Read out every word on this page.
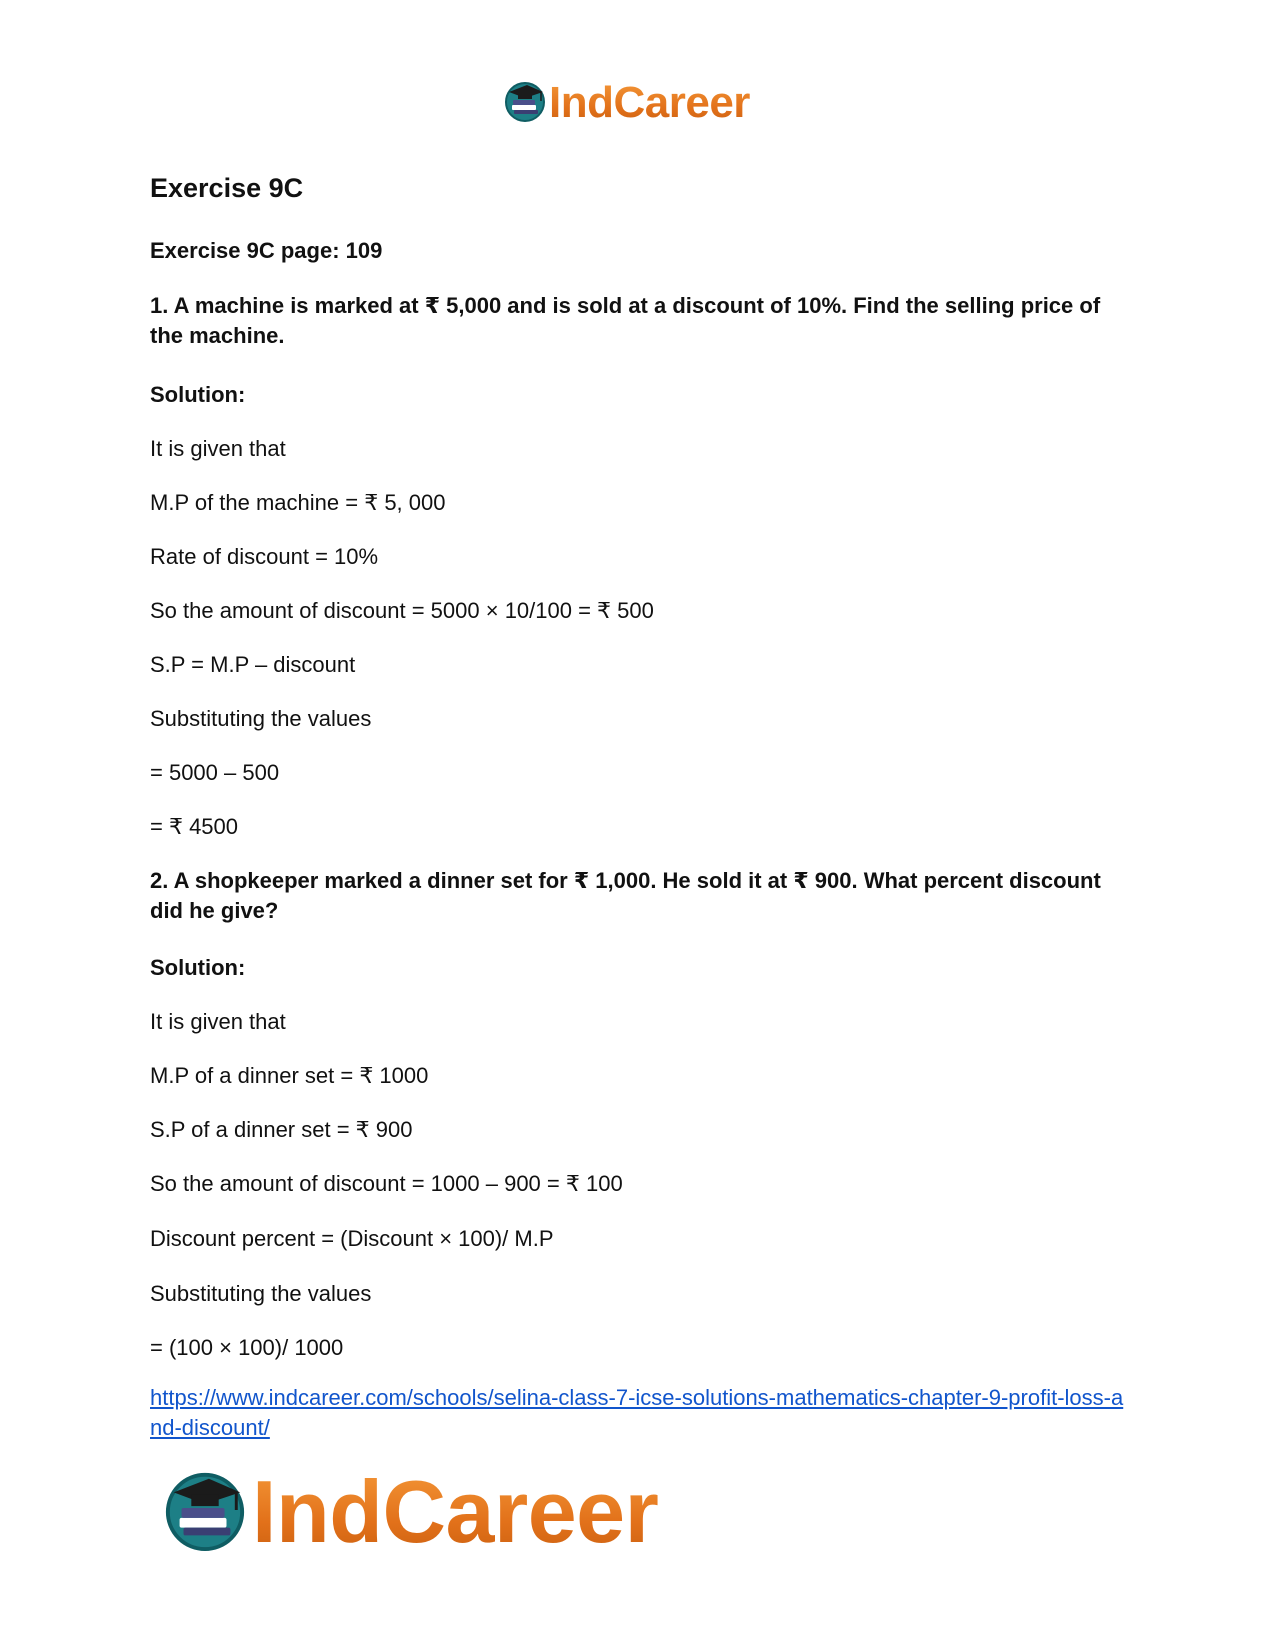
IndCareer
Exercise 9C
Exercise 9C page: 109
1. A machine is marked at ₹ 5,000 and is sold at a discount of 10%. Find the selling price of the machine.
Solution:
It is given that
M.P of the machine = ₹ 5, 000
Rate of discount = 10%
So the amount of discount = 5000 × 10/100 = ₹ 500
S.P = M.P – discount
Substituting the values
= 5000 – 500
= ₹ 4500
2. A shopkeeper marked a dinner set for ₹ 1,000. He sold it at ₹ 900. What percent discount did he give?
Solution:
It is given that
M.P of a dinner set = ₹ 1000
S.P of a dinner set = ₹ 900
So the amount of discount = 1000 – 900 = ₹ 100
Discount percent = (Discount × 100)/ M.P
Substituting the values
= (100 × 100)/ 1000
https://www.indcareer.com/schools/selina-class-7-icse-solutions-mathematics-chapter-9-profit-loss-and-discount/
IndCareer
